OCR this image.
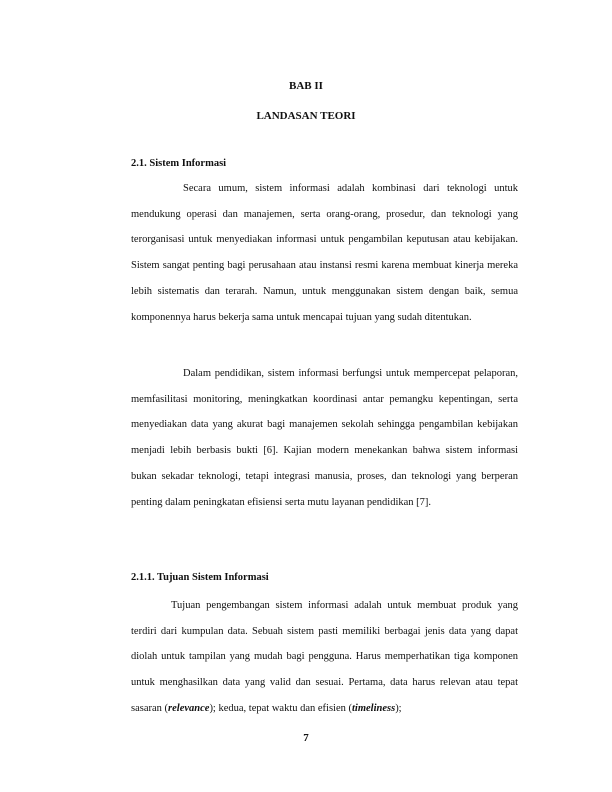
BAB II
LANDASAN TEORI
2.1. Sistem Informasi

Secara umum, sistem informasi adalah kombinasi dari teknologi untuk mendukung operasi dan manajemen, serta orang-orang, prosedur, dan teknologi yang terorganisasi untuk menyediakan informasi untuk pengambilan keputusan atau kebijakan. Sistem sangat penting bagi perusahaan atau instansi resmi karena membuat kinerja mereka lebih sistematis dan terarah. Namun, untuk menggunakan sistem dengan baik, semua komponennya harus bekerja sama untuk mencapai tujuan yang sudah ditentukan.

Dalam pendidikan, sistem informasi berfungsi untuk mempercepat pelaporan, memfasilitasi monitoring, meningkatkan koordinasi antar pemangku kepentingan, serta menyediakan data yang akurat bagi manajemen sekolah sehingga pengambilan kebijakan menjadi lebih berbasis bukti [6]. Kajian modern menekankan bahwa sistem informasi bukan sekadar teknologi, tetapi integrasi manusia, proses, dan teknologi yang berperan penting dalam peningkatan efisiensi serta mutu layanan pendidikan [7].

2.1.1. Tujuan Sistem Informasi

Tujuan pengembangan sistem informasi adalah untuk membuat produk yang terdiri dari kumpulan data. Sebuah sistem pasti memiliki berbagai jenis data yang dapat diolah untuk tampilan yang mudah bagi pengguna. Harus memperhatikan tiga komponen untuk menghasilkan data yang valid dan sesuai. Pertama, data harus relevan atau tepat sasaran (relevance); kedua, tepat waktu dan efisien (timeliness);

7
